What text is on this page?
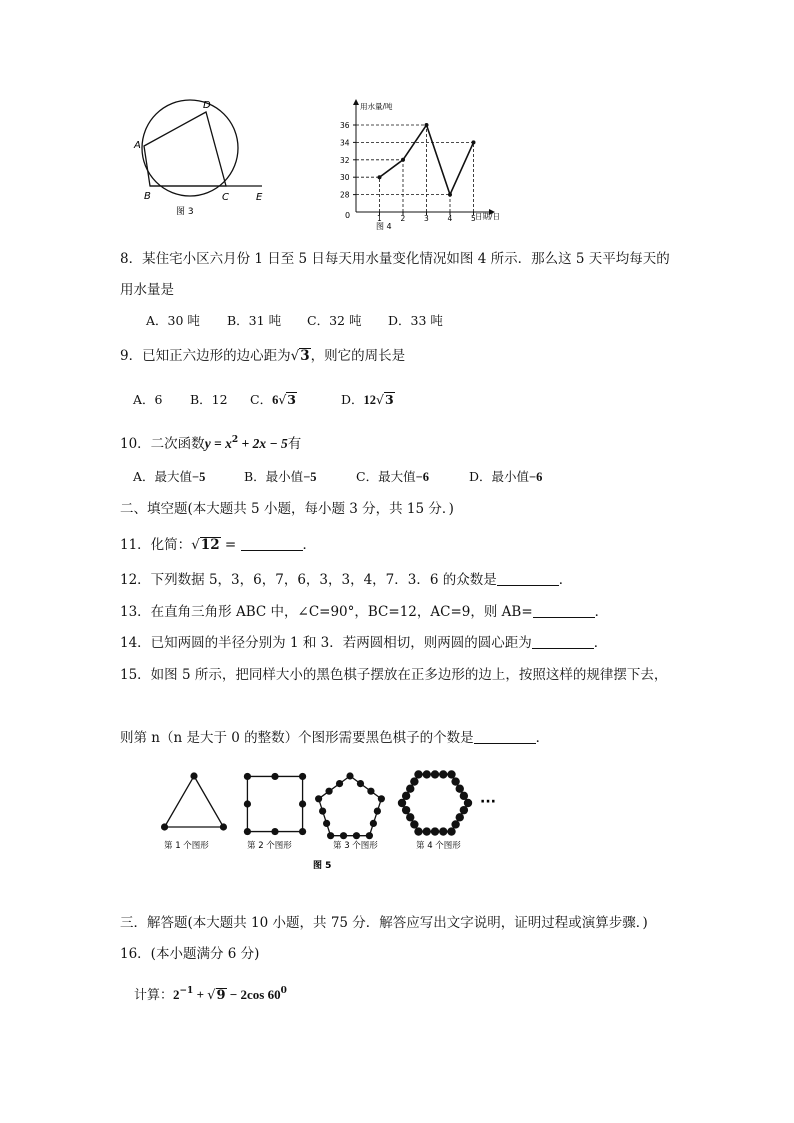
A
D
B	C	E
图 3
用水量/吨
日期/日
0
28
30
32
34
36
1 2 3 4 5
图 4
8．某住宅小区六月份 1 日至 5 日每天用水量变化情况如图 4 所示．那么这 5 天平均每天的
用水量是
A．30 吨 B．31 吨 C．32 吨 D．33 吨
9．已知正六边形的边心距为√3，则它的周长是
A．6 B．12 C．6√3	D．12√3
10．二次函数$y = x^2 + 2x - 5$有
A．最大值−5	B．最小值−5	C．最大值−6	D．最小值−6
二、填空题(本大题共 5 小题，每小题 3 分，共 15 分．)
11．化简：√12 =	．
12．下列数据 5，3，6，7，6，3，3，4，7．3．6 的众数是	．
13．在直角三角形 ABC 中，∠C=90°，BC=12，AC=9，则 AB=	．
14．已知两圆的半径分别为 1 和 3．若两圆相切，则两圆的圆心距为	．
15．如图 5 所示，把同样大小的黑色棋子摆放在正多边形的边上，按照这样的规律摆下去，
则第 n（n 是大于 0 的整数）个图形需要黑色棋子的个数是	．
第 1 个图形	第 2 个图形	第 3 个图形	第 4 个图形
···
图 5
三．解答题(本大题共 10 小题，共 75 分．解答应写出文字说明，证明过程或演算步骤．)
16．(本小题满分 6 分)
计算：$2^{-1} + √9 - 2\cos$ $60^0$
